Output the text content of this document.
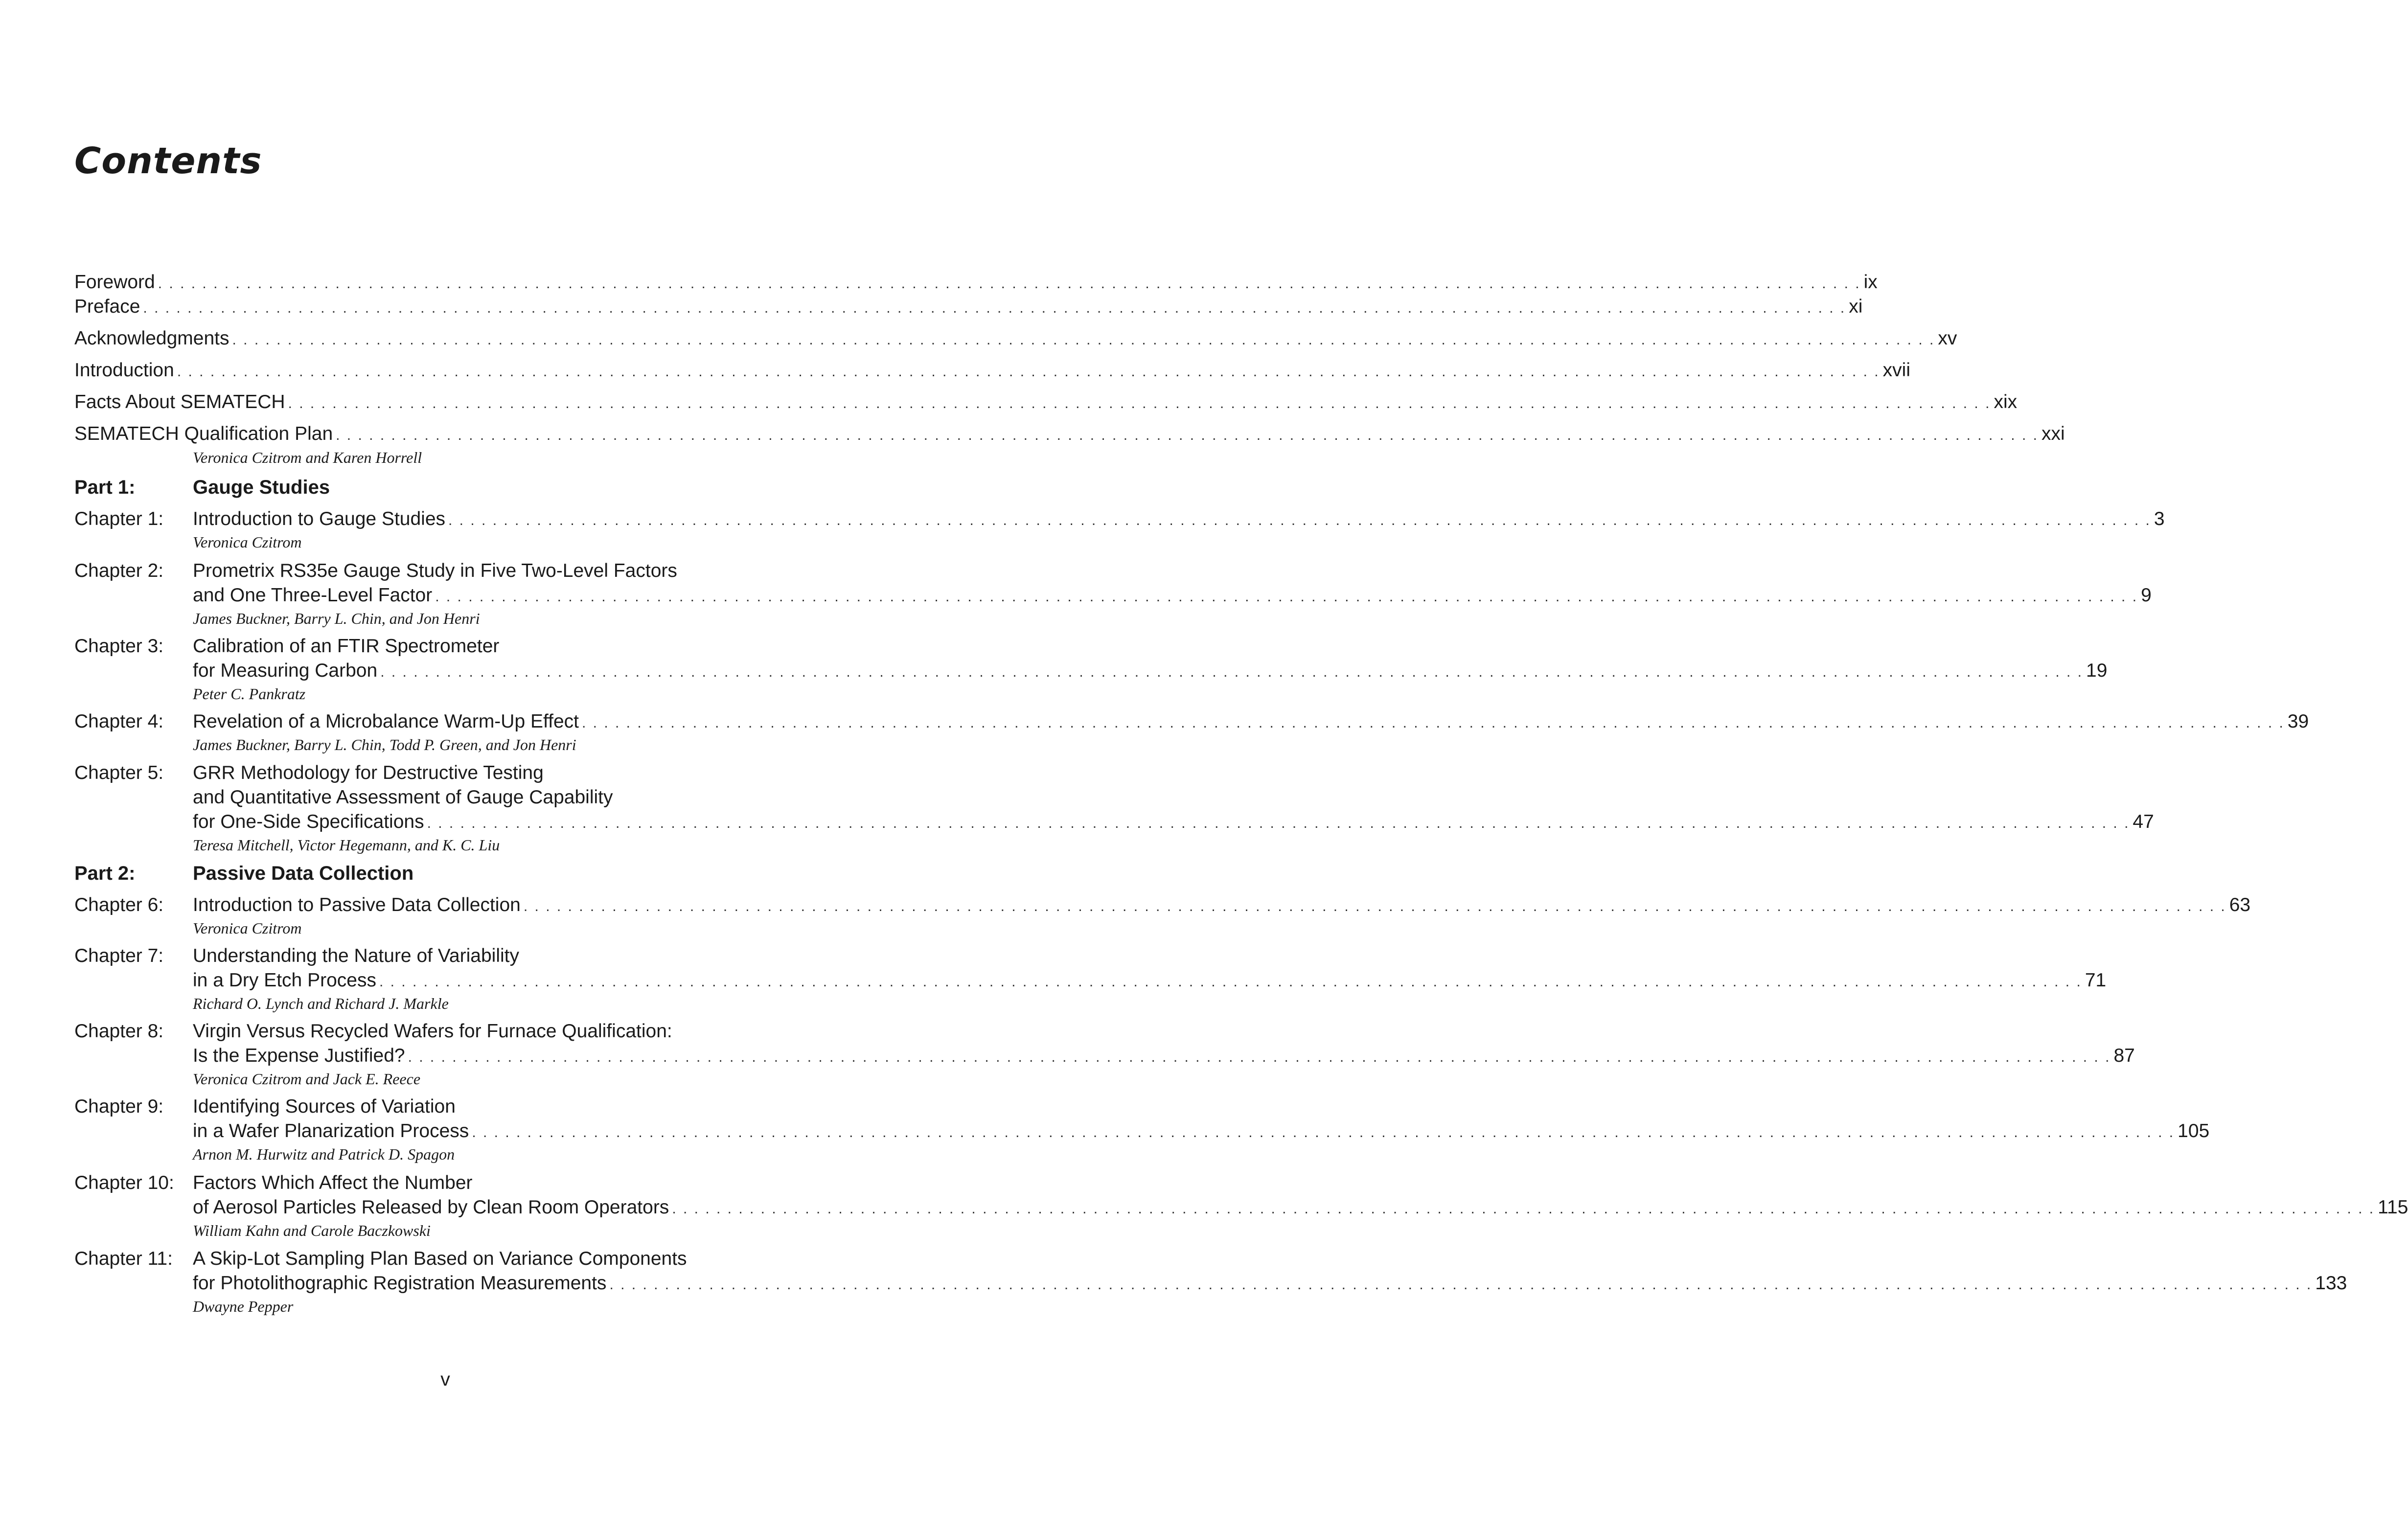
Contents
Foreword . . . . . . . . . . . . . . . . . . . . . . . . . . . . . . . . . . . . . . . . . . . . . . . . . . . . . . . . . . . . . . . . . . . . . . . . . . . . . . . . . . . . . . . . . . . . . . . . . . . . . . . . . . . . . . . . . . . . . . . . . . . . . . . . . . . . . . . . . . . . . . . . . . . . . . . . . . ix
Preface . . . . . . . . . . . . . . . . . . . . . . . . . . . . . . . . . . . . . . . . . . . . . . . . . . . . . . . . . . . . . . . . . . . . . . . . . . . . . . . . . . . . . . . . . . . . . . . . . . . . . . . . . . . . . . . . . . . . . . . . . . . . . . . . . . . . . . . . . . . . . . . . . . . . . . . . . . xi
Acknowledgments . . . . . . . . . . . . . . . . . . . . . . . . . . . . . . . . . . . . . . . . . . . . . . . . . . . . . . . . . . . . . . . . . . . . . . . . . . . . . . . . . . . . . . . . . . . . . . . . . . . . . . . . . . . . . . . . . . . . . . . . . . . . . . . . . . . . . . . . . . . . . . . . . . . . . . . . . . xv
Introduction . . . . . . . . . . . . . . . . . . . . . . . . . . . . . . . . . . . . . . . . . . . . . . . . . . . . . . . . . . . . . . . . . . . . . . . . . . . . . . . . . . . . . . . . . . . . . . . . . . . . . . . . . . . . . . . . . . . . . . . . . . . . . . . . . . . . . . . . . . . . . . . . . . . . . . . . . . xvii
Facts About SEMATECH . . . . . . . . . . . . . . . . . . . . . . . . . . . . . . . . . . . . . . . . . . . . . . . . . . . . . . . . . . . . . . . . . . . . . . . . . . . . . . . . . . . . . . . . . . . . . . . . . . . . . . . . . . . . . . . . . . . . . . . . . . . . . . . . . . . . . . . . . . . . . . . . . . . . . . . . . . xix
SEMATECH Qualification Plan . . . . . . . . . . . . . . . . . . . . . . . . . . . . . . . . . . . . . . . . . . . . . . . . . . . . . . . . . . . . . . . . . . . . . . . . . . . . . . . . . . . . . . . . . . . . . . . . . . . . . . . . . . . . . . . . . . . . . . . . . . . . . . . . . . . . . . . . . . . . . . . . . . . . . . . . . . xxi
Veronica Czitrom and Karen Horrell
Part 1:	Gauge Studies
Chapter 1: Introduction to Gauge Studies . . . . . . . . . . . . . . . . . . . . . . . . . . . . . . . . . . . . . . . . . . . . . . . . . . . . . . . . . . . . . . . . . . . . . . . . . . . . . . . . . . . . . . . . . . . . . . . . . . . . . . . . . . . . . . . . . . . . . . . . . . . . . . . . . . . . . . . . . . . . . . . . . . . . . . . . . . 3
Veronica Czitrom
Chapter 2: Prometrix RS35e Gauge Study in Five Two-Level Factors
and One Three-Level Factor . . . . . . . . . . . . . . . . . . . . . . . . . . . . . . . . . . . . . . . . . . . . . . . . . . . . . . . . . . . . . . . . . . . . . . . . . . . . . . . . . . . . . . . . . . . . . . . . . . . . . . . . . . . . . . . . . . . . . . . . . . . . . . . . . . . . . . . . . . . . . . . . . . . . . . . . . . 9
James Buckner, Barry L. Chin, and Jon Henri
Chapter 3: Calibration of an FTIR Spectrometer
for Measuring Carbon . . . . . . . . . . . . . . . . . . . . . . . . . . . . . . . . . . . . . . . . . . . . . . . . . . . . . . . . . . . . . . . . . . . . . . . . . . . . . . . . . . . . . . . . . . . . . . . . . . . . . . . . . . . . . . . . . . . . . . . . . . . . . . . . . . . . . . . . . . . . . . . . . . . . . . . . . . 19
Peter C. Pankratz
Chapter 4: Revelation of a Microbalance Warm-Up Effect . . . . . . . . . . . . . . . . . . . . . . . . . . . . . . . . . . . . . . . . . . . . . . . . . . . . . . . . . . . . . . . . . . . . . . . . . . . . . . . . . . . . . . . . . . . . . . . . . . . . . . . . . . . . . . . . . . . . . . . . . . . . . . . . . . . . . . . . . . . . . . . . . . . . . . . . . . 39
James Buckner, Barry L. Chin, Todd P. Green, and Jon Henri
Chapter 5: GRR Methodology for Destructive Testing
and Quantitative Assessment of Gauge Capability
for One-Side Specifications . . . . . . . . . . . . . . . . . . . . . . . . . . . . . . . . . . . . . . . . . . . . . . . . . . . . . . . . . . . . . . . . . . . . . . . . . . . . . . . . . . . . . . . . . . . . . . . . . . . . . . . . . . . . . . . . . . . . . . . . . . . . . . . . . . . . . . . . . . . . . . . . . . . . . . . . . . 47
Teresa Mitchell, Victor Hegemann, and K. C. Liu
Part 2:	Passive Data Collection
Chapter 6: Introduction to Passive Data Collection . . . . . . . . . . . . . . . . . . . . . . . . . . . . . . . . . . . . . . . . . . . . . . . . . . . . . . . . . . . . . . . . . . . . . . . . . . . . . . . . . . . . . . . . . . . . . . . . . . . . . . . . . . . . . . . . . . . . . . . . . . . . . . . . . . . . . . . . . . . . . . . . . . . . . . . . . . 63
Veronica Czitrom
Chapter 7: Understanding the Nature of Variability
in a Dry Etch Process . . . . . . . . . . . . . . . . . . . . . . . . . . . . . . . . . . . . . . . . . . . . . . . . . . . . . . . . . . . . . . . . . . . . . . . . . . . . . . . . . . . . . . . . . . . . . . . . . . . . . . . . . . . . . . . . . . . . . . . . . . . . . . . . . . . . . . . . . . . . . . . . . . . . . . . . . . 71
Richard O. Lynch and Richard J. Markle
Chapter 8: Virgin Versus Recycled Wafers for Furnace Qualification:
Is the Expense Justified? . . . . . . . . . . . . . . . . . . . . . . . . . . . . . . . . . . . . . . . . . . . . . . . . . . . . . . . . . . . . . . . . . . . . . . . . . . . . . . . . . . . . . . . . . . . . . . . . . . . . . . . . . . . . . . . . . . . . . . . . . . . . . . . . . . . . . . . . . . . . . . . . . . . . . . . . . . 87
Veronica Czitrom and Jack E. Reece
Chapter 9: Identifying Sources of Variation
in a Wafer Planarization Process . . . . . . . . . . . . . . . . . . . . . . . . . . . . . . . . . . . . . . . . . . . . . . . . . . . . . . . . . . . . . . . . . . . . . . . . . . . . . . . . . . . . . . . . . . . . . . . . . . . . . . . . . . . . . . . . . . . . . . . . . . . . . . . . . . . . . . . . . . . . . . . . . . . . . . . . . . 105
Arnon M. Hurwitz and Patrick D. Spagon
Chapter 10: Factors Which Affect the Number
of Aerosol Particles Released by Clean Room Operators . . . . . . . . . . . . . . . . . . . . . . . . . . . . . . . . . . . . . . . . . . . . . . . . . . . . . . . . . . . . . . . . . . . . . . . . . . . . . . . . . . . . . . . . . . . . . . . . . . . . . . . . . . . . . . . . . . . . . . . . . . . . . . . . . . . . . . . . . . . . . . . . . . . . . . . . . . 115
William Kahn and Carole Baczkowski
Chapter 11: A Skip-Lot Sampling Plan Based on Variance Components
for Photolithographic Registration Measurements . . . . . . . . . . . . . . . . . . . . . . . . . . . . . . . . . . . . . . . . . . . . . . . . . . . . . . . . . . . . . . . . . . . . . . . . . . . . . . . . . . . . . . . . . . . . . . . . . . . . . . . . . . . . . . . . . . . . . . . . . . . . . . . . . . . . . . . . . . . . . . . . . . . . . . . . . . 133
Dwayne Pepper
v
